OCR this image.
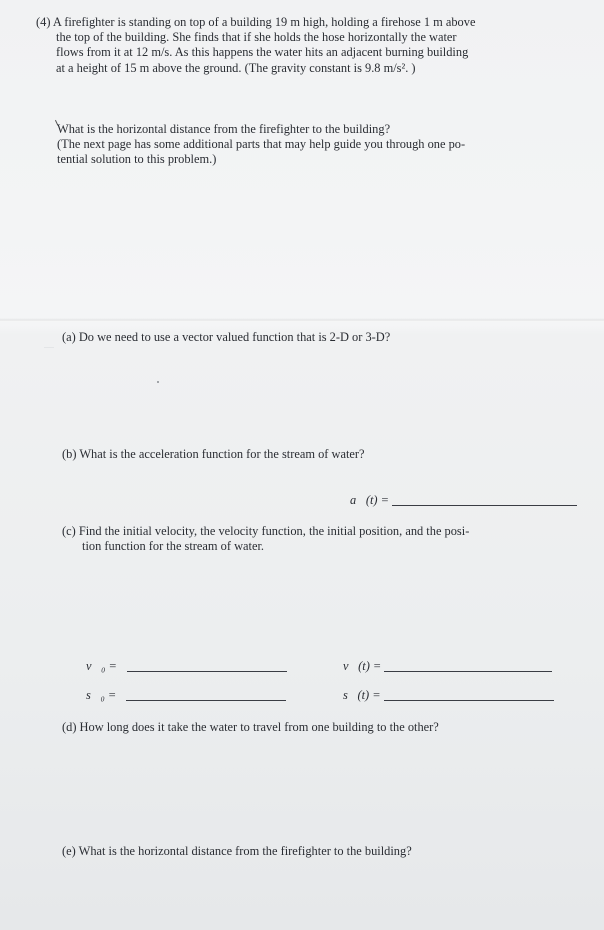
(4) A firefighter is standing on top of a building 19 m high, holding a firehose 1 m above

the top of the building. She finds that if she holds the hose horizontally the water

flows from it at 12 m/s. As this happens the water hits an adjacent burning building

at a height of 15 m above the ground. (The gravity constant is 9.8 m/s². )

What is the horizontal distance from the firefighter to the building?

(The next page has some additional parts that may help guide you through one po-

tential solution to this problem.)

(a) Do we need to use a vector valued function that is 2-D or 3-D?
(b) What is the acceleration function for the stream of water?
a⃗(t) =
(c) Find the initial velocity, the velocity function, the initial position, and the posi-
tion function for the stream of water.
v⃗₀ =	v⃗(t) =
s⃗₀ =	s⃗(t) =
(d) How long does it take the water to travel from one building to the other?
(e) What is the horizontal distance from the firefighter to the building?
